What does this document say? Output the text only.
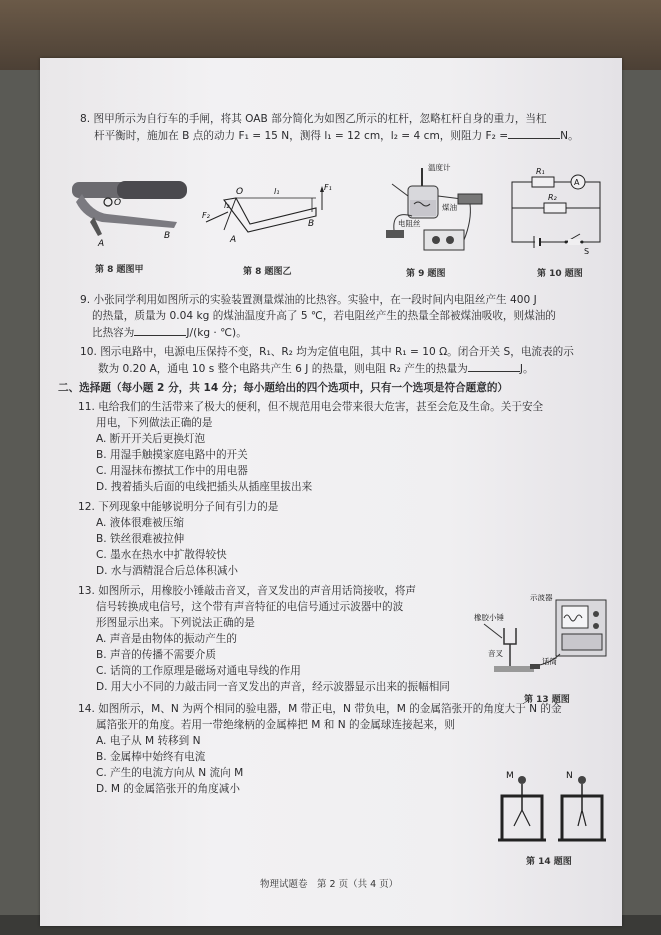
8. 图甲所示为自行车的手闸，将其 OAB 部分简化为如图乙所示的杠杆，忽略杠杆自身的重力，当杠
杆平衡时，施加在 B 点的动力 F₁ = 15 N，测得 l₁ = 12 cm，l₂ = 4 cm，则阻力 F₂ =	N。
O
A
B
第 8 题图甲
O
A
B
F₁
F₂
l₁
l₂
第 8 题图乙
温度计
煤油
电阻丝
第 9 题图
R₁
R₂
A
S
第 10 题图
9. 小张同学利用如图所示的实验装置测量煤油的比热容。实验中，在一段时间内电阻丝产生 400 J
的热量，质量为 0.04 kg 的煤油温度升高了 5 ℃，若电阻丝产生的热量全部被煤油吸收，则煤油的
比热容为	J/(kg · ℃)。
10. 图示电路中，电源电压保持不变，R₁、R₂ 均为定值电阻，其中 R₁ = 10 Ω。闭合开关 S，电流表的示
数为 0.20 A，通电 10 s 整个电路共产生 6 J 的热量，则电阻 R₂ 产生的热量为	J。
二、选择题（每小题 2 分，共 14 分；每小题给出的四个选项中，只有一个选项是符合题意的）
11. 电给我们的生活带来了极大的便利，但不规范用电会带来很大危害，甚至会危及生命。关于安全
用电，下列做法正确的是
A. 断开开关后更换灯泡
B. 用湿手触摸家庭电路中的开关
C. 用湿抹布擦拭工作中的用电器
D. 拽着插头后面的电线把插头从插座里拔出来
12. 下列现象中能够说明分子间有引力的是
A. 液体很难被压缩
B. 铁丝很难被拉伸
C. 墨水在热水中扩散得较快
D. 水与酒精混合后总体积减小
13. 如图所示，用橡胶小锤敲击音叉，音叉发出的声音用话筒接收，将声
信号转换成电信号，这个带有声音特征的电信号通过示波器中的波
形图显示出来。下列说法正确的是
A. 声音是由物体的振动产生的
B. 声音的传播不需要介质
C. 话筒的工作原理是磁场对通电导线的作用
D. 用大小不同的力敲击同一音叉发出的声音，经示波器显示出来的振幅相同
示波器
橡胶小锤
音叉
话筒
第 13 题图
14. 如图所示，M、N 为两个相同的验电器，M 带正电，N 带负电，M 的金属箔张开的角度大于 N 的金
属箔张开的角度。若用一带绝缘柄的金属棒把 M 和 N 的金属球连接起来，则
A. 电子从 M 转移到 N
B. 金属棒中始终有电流
C. 产生的电流方向从 N 流向 M
D. M 的金属箔张开的角度减小
M	N
第 14 题图
物理试题卷　第 2 页（共 4 页）
